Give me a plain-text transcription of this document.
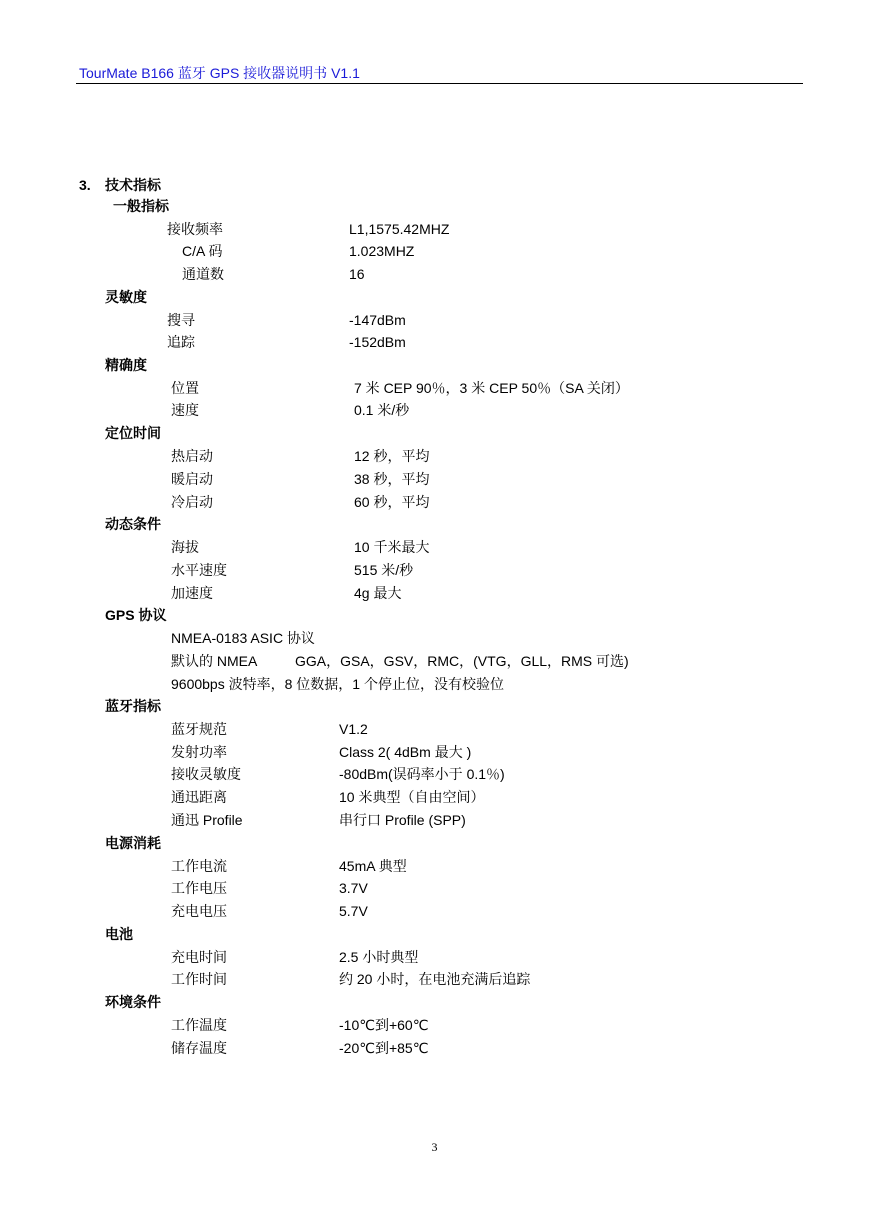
TourMate B166 蓝牙 GPS 接收器说明书 V1.1
3. 技术指标
一般指标
接收频率	L1,1575.42MHZ
C/A 码	1.023MHZ
通道数	16
灵敏度
搜寻	-147dBm
追踪	-152dBm
精确度
位置	7 米 CEP 90％，3 米 CEP 50％（SA 关闭）
速度	0.1 米/秒
定位时间
热启动	12 秒，平均
暖启动	38 秒，平均
冷启动	60 秒，平均
动态条件
海拔	10 千米最大
水平速度	515 米/秒
加速度	4g 最大
GPS 协议
NMEA-0183 ASIC 协议
默认的 NMEA	GGA，GSA，GSV，RMC，(VTG，GLL，RMS 可选)
9600bps 波特率，8 位数据，1 个停止位，没有校验位
蓝牙指标
蓝牙规范	V1.2
发射功率	Class 2( 4dBm 最大 )
接收灵敏度	-80dBm(误码率小于 0.1％)
通迅距离	10 米典型（自由空间）
通迅 Profile	串行口 Profile (SPP)
电源消耗
工作电流	45mA 典型
工作电压	3.7V
充电电压	5.7V
电池
充电时间	2.5 小时典型
工作时间	约 20 小时，在电池充满后追踪
环境条件
工作温度	-10℃到+60℃
储存温度	-20℃到+85℃
3
